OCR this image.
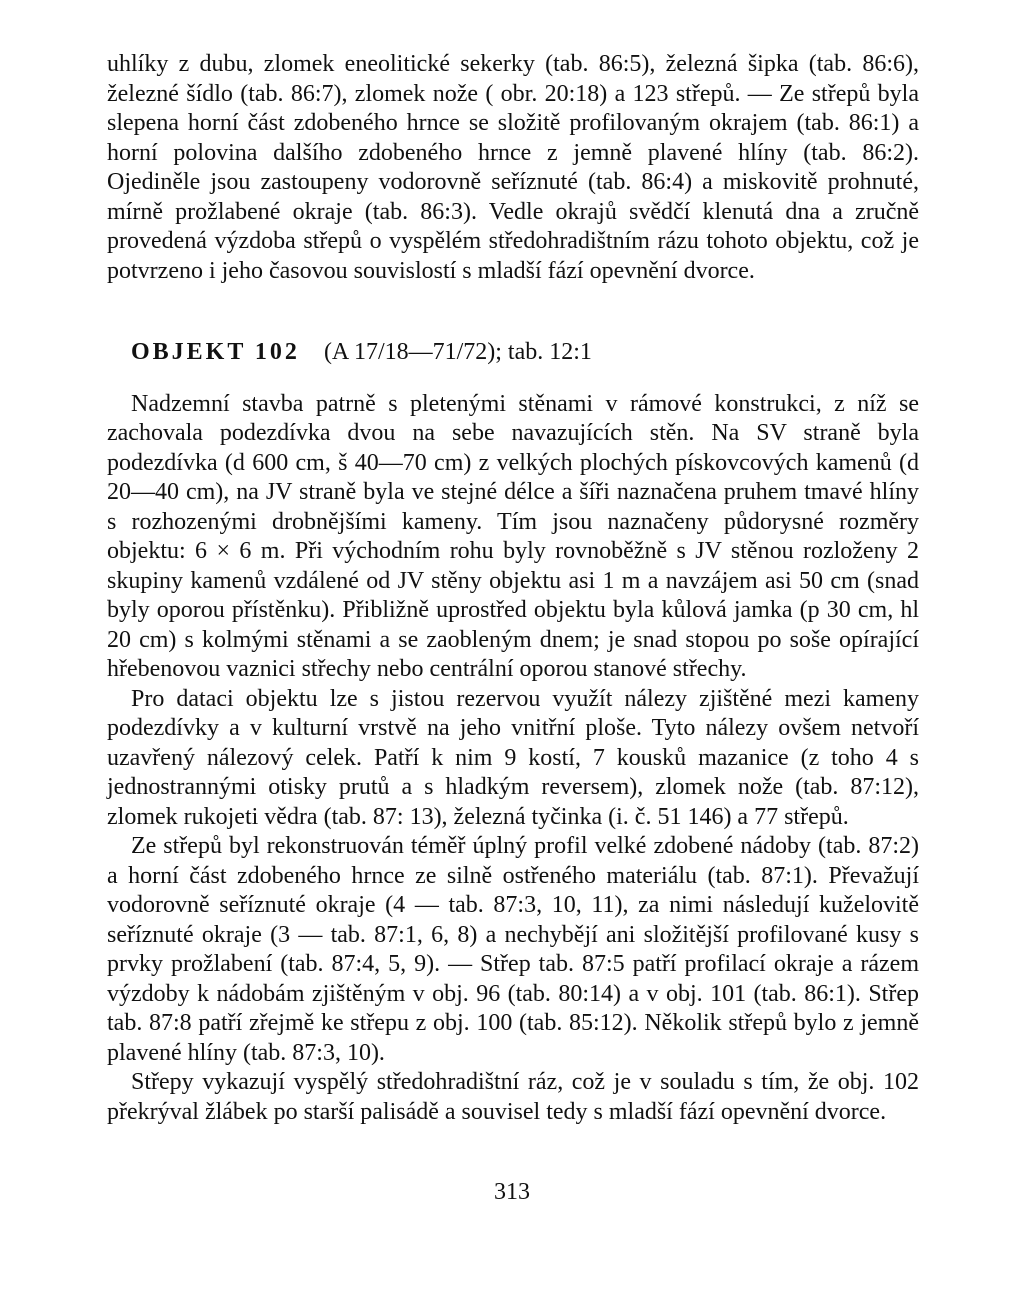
uhlíky z dubu, zlomek eneolitické sekerky (tab. 86:5), železná šipka (tab. 86:6), železné šídlo (tab. 86:7), zlomek nože ( obr. 20:18) a 123 střepů. — Ze střepů byla slepena horní část zdobeného hrnce se složitě profilovaným okrajem (tab. 86:1) a horní polovina dalšího zdobeného hrnce z jemně plavené hlíny (tab. 86:2). Ojediněle jsou zastoupeny vodorovně seříznuté (tab. 86:4) a miskovitě prohnuté, mírně prožlabené okraje (tab. 86:3). Vedle okrajů svědčí klenutá dna a zručně provedená výzdoba střepů o vyspělém středohradištním rázu tohoto objektu, což je potvrzeno i jeho časovou souvislostí s mladší fází opevnění dvorce.

OBJEKT 102 (A 17/18—71/72); tab. 12:1

Nadzemní stavba patrně s pletenými stěnami v rámové konstrukci, z níž se zachovala podezdívka dvou na sebe navazujících stěn. Na SV straně byla podezdívka (d 600 cm, š 40—70 cm) z velkých plochých pískovcových kamenů (d 20—40 cm), na JV straně byla ve stejné délce a šíři naznačena pruhem tmavé hlíny s rozhozenými drobnějšími kameny. Tím jsou naznačeny půdorysné rozměry objektu: 6 × 6 m. Při východním rohu byly rovnoběžně s JV stěnou rozloženy 2 skupiny kamenů vzdálené od JV stěny objektu asi 1 m a navzájem asi 50 cm (snad byly oporou přístěnku). Přibližně uprostřed objektu byla kůlová jamka (p 30 cm, hl 20 cm) s kolmými stěnami a se zaobleným dnem; je snad stopou po soše opírající hřebenovou vaznici střechy nebo centrální oporou stanové střechy.

Pro dataci objektu lze s jistou rezervou využít nálezy zjištěné mezi kameny podezdívky a v kulturní vrstvě na jeho vnitřní ploše. Tyto nálezy ovšem netvoří uzavřený nálezový celek. Patří k nim 9 kostí, 7 kousků mazanice (z toho 4 s jednostrannými otisky prutů a s hladkým reversem), zlomek nože (tab. 87:12), zlomek rukojeti vědra (tab. 87: 13), železná tyčinka (i. č. 51 146) a 77 střepů.

Ze střepů byl rekonstruován téměř úplný profil velké zdobené nádoby (tab. 87:2) a horní část zdobeného hrnce ze silně ostřeného materiálu (tab. 87:1). Převažují vodorovně seříznuté okraje (4 — tab. 87:3, 10, 11), za nimi následují kuželovitě seříznuté okraje (3 — tab. 87:1, 6, 8) a nechybějí ani složitější profilované kusy s prvky prožlabení (tab. 87:4, 5, 9). — Střep tab. 87:5 patří profilací okraje a rázem výzdoby k nádobám zjištěným v obj. 96 (tab. 80:14) a v obj. 101 (tab. 86:1). Střep tab. 87:8 patří zřejmě ke střepu z obj. 100 (tab. 85:12). Několik střepů bylo z jemně plavené hlíny (tab. 87:3, 10).

Střepy vykazují vyspělý středohradištní ráz, což je v souladu s tím, že obj. 102 překrýval žlábek po starší palisádě a souvisel tedy s mladší fází opevnění dvorce.

313
